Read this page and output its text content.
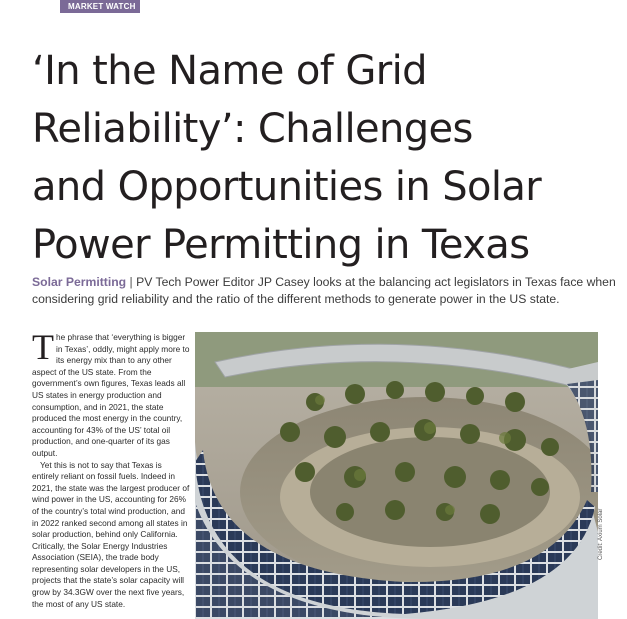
MARKET WATCH
‘In the Name of Grid
Reliability’: Challenges
and Opportunities in Solar
Power Permitting in Texas
Solar Permitting | PV Tech Power Editor JP Casey looks at the balancing act legislators in Texas face when considering grid reliability and the ratio of the different methods to generate power in the US state.

The phrase that ‘everything is bigger in Texas’, oddly, might apply more to its energy mix than to any other aspect of the US state. From the government’s own figures, Texas leads all US states in energy production and consumption, and in 2021, the state produced the most energy in the country, accounting for 43% of the US’ total oil production, and one-quarter of its gas output.

Yet this is not to say that Texas is entirely reliant on fossil fuels. Indeed in 2021, the state was the largest producer of wind power in the US, accounting for 26% of the country’s total wind production, and in 2022 ranked second among all states in solar production, behind only California. Critically, the Solar Energy Industries Association (SEIA), the trade body representing solar developers in the US, projects that the state’s solar capacity will grow by 34.3GW over the next five years, the most of any US state.

Credit: Axium Solar
